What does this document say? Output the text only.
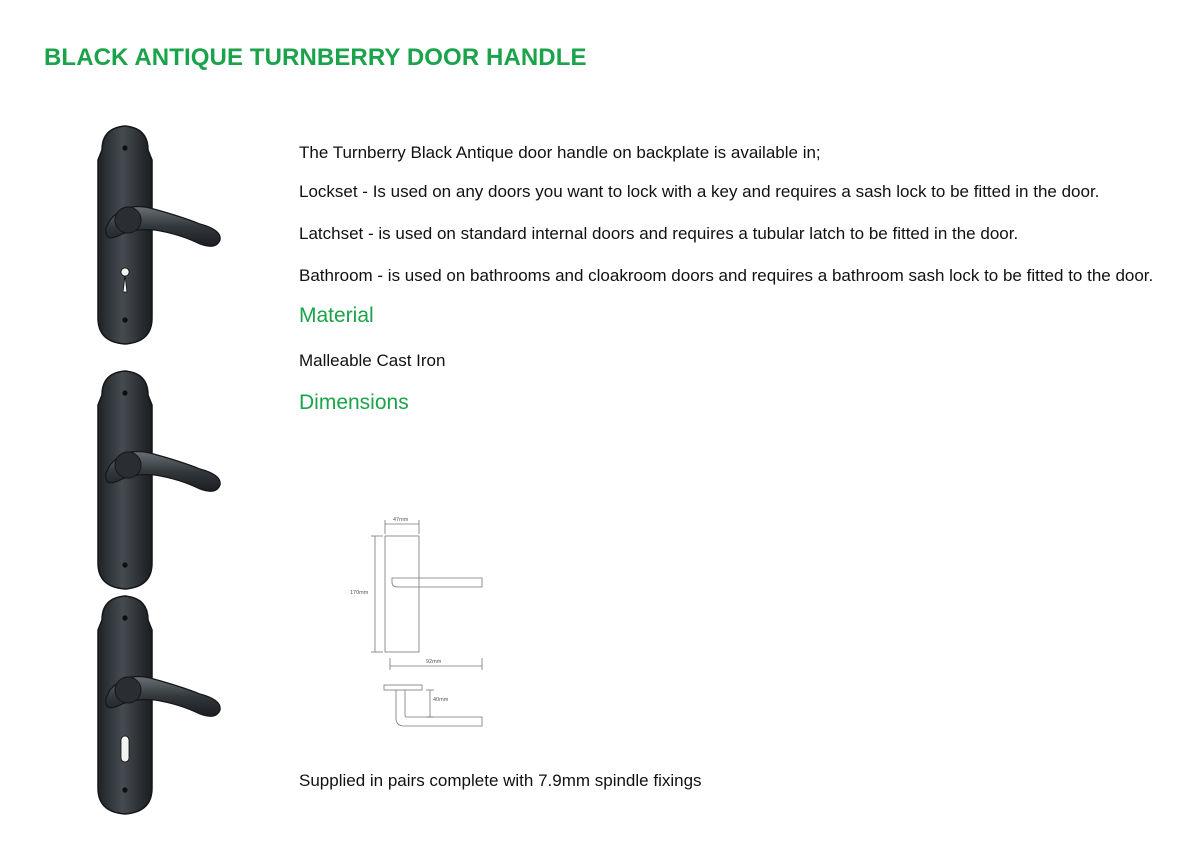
BLACK ANTIQUE TURNBERRY DOOR HANDLE

The Turnberry Black Antique door handle on backplate is available in;

Lockset - Is used on any doors you want to lock with a key and requires a sash lock to be fitted in the door.

Latchset - is used on standard internal doors and requires a tubular latch to be fitted in the door.

Bathroom - is used on bathrooms and cloakroom doors and requires a bathroom sash lock to be fitted to the door.

Material

Malleable Cast Iron

Dimensions
47mm
170mm
92mm
40mm

Supplied in pairs complete with 7.9mm spindle fixings
